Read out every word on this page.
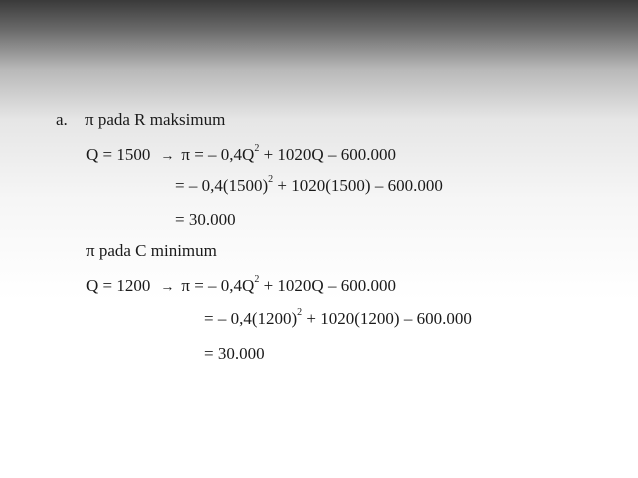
a. π pada R maksimum
Q = 1500 → π = – $0,4Q^2 + 1020Q - 600.000$
= – $0,4(1500)^2 + 1020(1500) - 600.000$
= 30.000
π pada C minimum
Q = 1200 → π = – $0,4Q^2 + 1020Q - 600.000$
= – $0,4(1200)^2 + 1020(1200) - 600.000$
= 30.000
